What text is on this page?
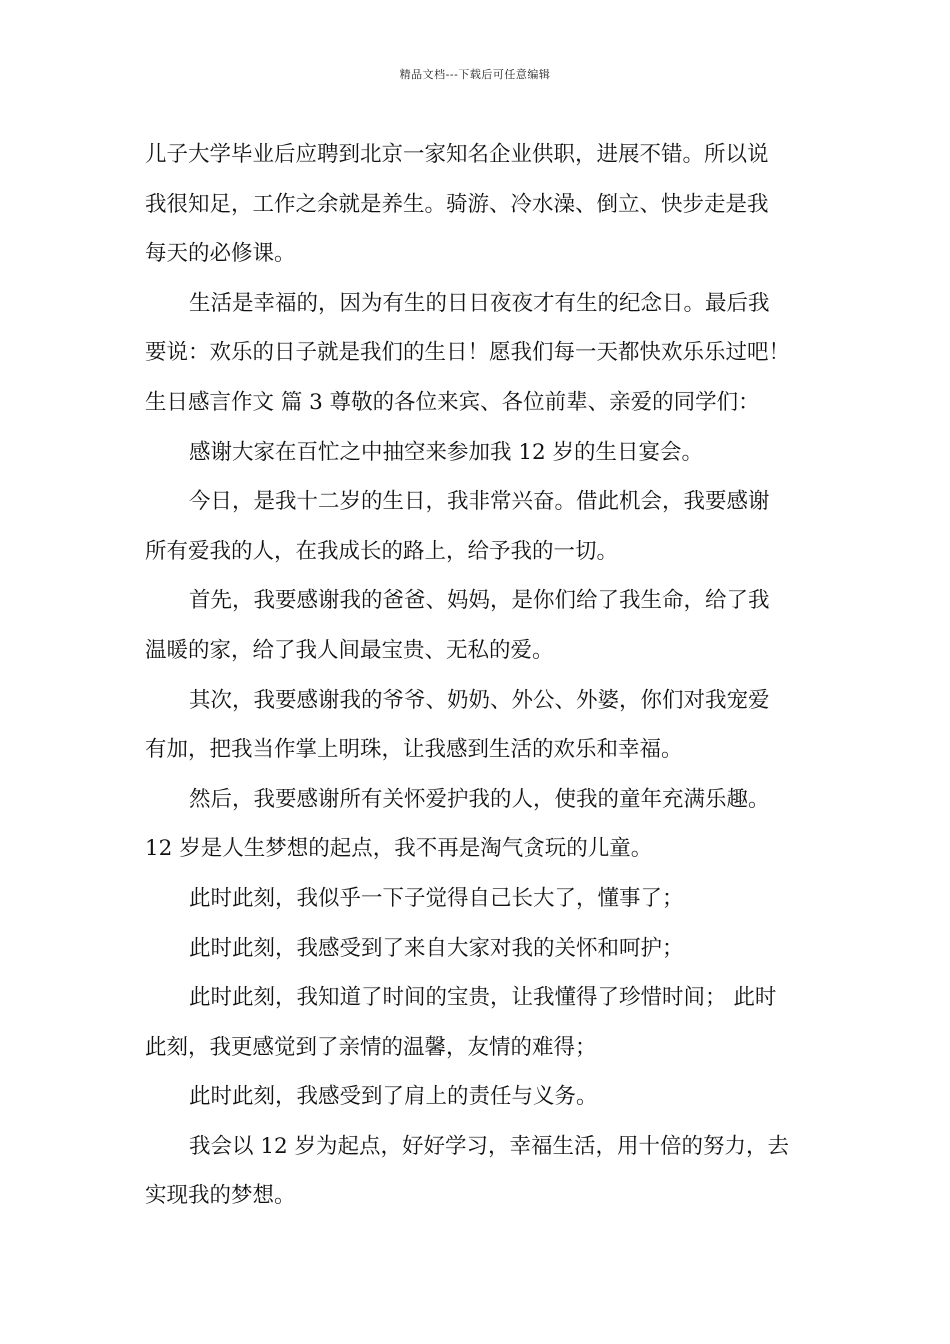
精品文档---下载后可任意编辑
儿子大学毕业后应聘到北京一家知名企业供职，进展不错。所以说
我很知足，工作之余就是养生。骑游、冷水澡、倒立、快步走是我
每天的必修课。
生活是幸福的，因为有生的日日夜夜才有生的纪念日。最后我
要说：欢乐的日子就是我们的生日！愿我们每一天都快欢乐乐过吧！
生日感言作文 篇 3 尊敬的各位来宾、各位前辈、亲爱的同学们：
感谢大家在百忙之中抽空来参加我 12 岁的生日宴会。
今日，是我十二岁的生日，我非常兴奋。借此机会，我要感谢
所有爱我的人，在我成长的路上，给予我的一切。
首先，我要感谢我的爸爸、妈妈，是你们给了我生命，给了我
温暖的家，给了我人间最宝贵、无私的爱。
其次，我要感谢我的爷爷、奶奶、外公、外婆，你们对我宠爱
有加，把我当作掌上明珠，让我感到生活的欢乐和幸福。
然后，我要感谢所有关怀爱护我的人，使我的童年充满乐趣。
12 岁是人生梦想的起点，我不再是淘气贪玩的儿童。
此时此刻，我似乎一下子觉得自己长大了，懂事了；
此时此刻，我感受到了来自大家对我的关怀和呵护；
此时此刻，我知道了时间的宝贵，让我懂得了珍惜时间； 此时
此刻，我更感觉到了亲情的温馨，友情的难得；
此时此刻，我感受到了肩上的责任与义务。
我会以 12 岁为起点，好好学习，幸福生活，用十倍的努力，去
实现我的梦想。
